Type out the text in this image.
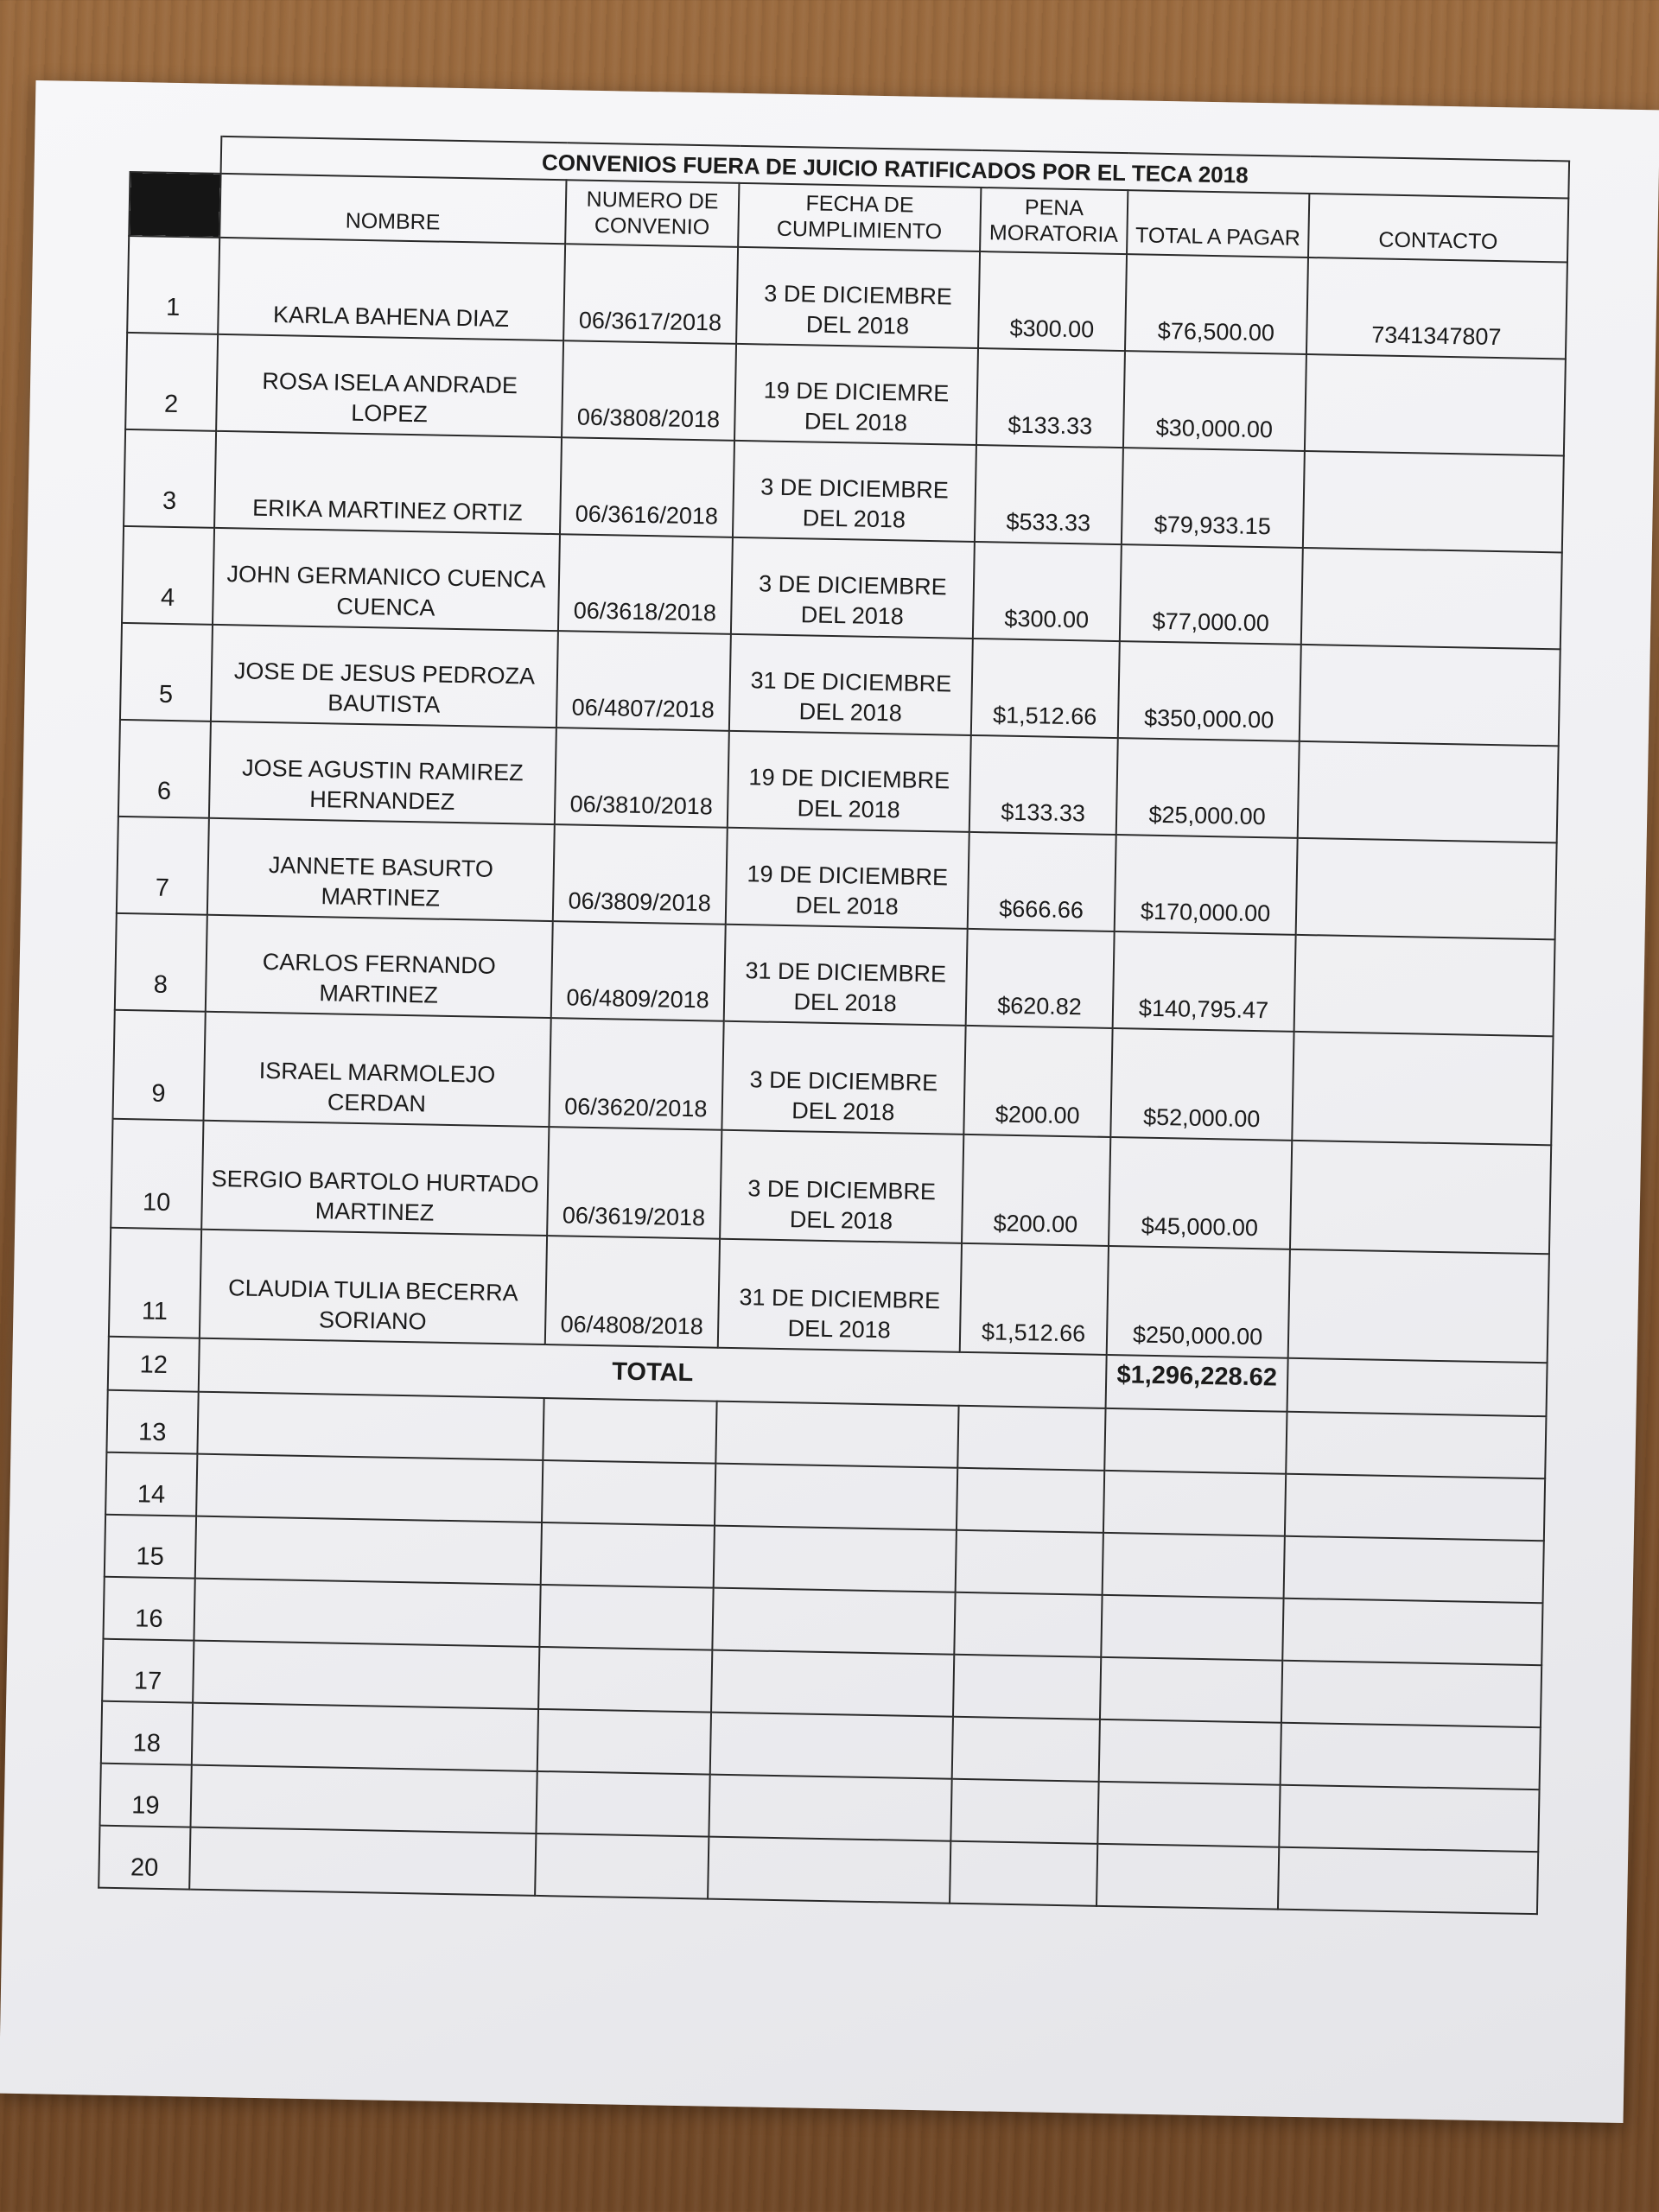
	CONVENIOS FUERA DE JUICIO RATIFICADOS POR EL TECA 2018					
	NOMBRE	NUMERO DE CONVENIO	FECHA DE CUMPLIMIENTO	PENA MORATORIA	TOTAL A PAGAR	CONTACTO
1	KARLA BAHENA DIAZ	06/3617/2018	3 DE DICIEMBRE DEL 2018	$300.00	$76,500.00	7341347807
2	ROSA ISELA ANDRADE LOPEZ	06/3808/2018	19 DE DICIEMRE DEL 2018	$133.33	$30,000.00	
3	ERIKA MARTINEZ ORTIZ	06/3616/2018	3 DE DICIEMBRE DEL 2018	$533.33	$79,933.15	
4	JOHN GERMANICO CUENCA CUENCA	06/3618/2018	3 DE DICIEMBRE DEL 2018	$300.00	$77,000.00	
5	JOSE DE JESUS PEDROZA BAUTISTA	06/4807/2018	31 DE DICIEMBRE DEL 2018	$1,512.66	$350,000.00	
6	JOSE AGUSTIN RAMIREZ HERNANDEZ	06/3810/2018	19 DE DICIEMBRE DEL 2018	$133.33	$25,000.00	
7	JANNETE BASURTO MARTINEZ	06/3809/2018	19 DE DICIEMBRE DEL 2018	$666.66	$170,000.00	
8	CARLOS FERNANDO MARTINEZ	06/4809/2018	31 DE DICIEMBRE DEL 2018	$620.82	$140,795.47	
9	ISRAEL MARMOLEJO CERDAN	06/3620/2018	3 DE DICIEMBRE DEL 2018	$200.00	$52,000.00	
10	SERGIO BARTOLO HURTADO MARTINEZ	06/3619/2018	3 DE DICIEMBRE DEL 2018	$200.00	$45,000.00	
11	CLAUDIA TULIA BECERRA SORIANO	06/4808/2018	31 DE DICIEMBRE DEL 2018	$1,512.66	$250,000.00	
12	TOTAL				$1,296,228.62	
13						
14						
15						
16						
17						
18						
19						
20						
